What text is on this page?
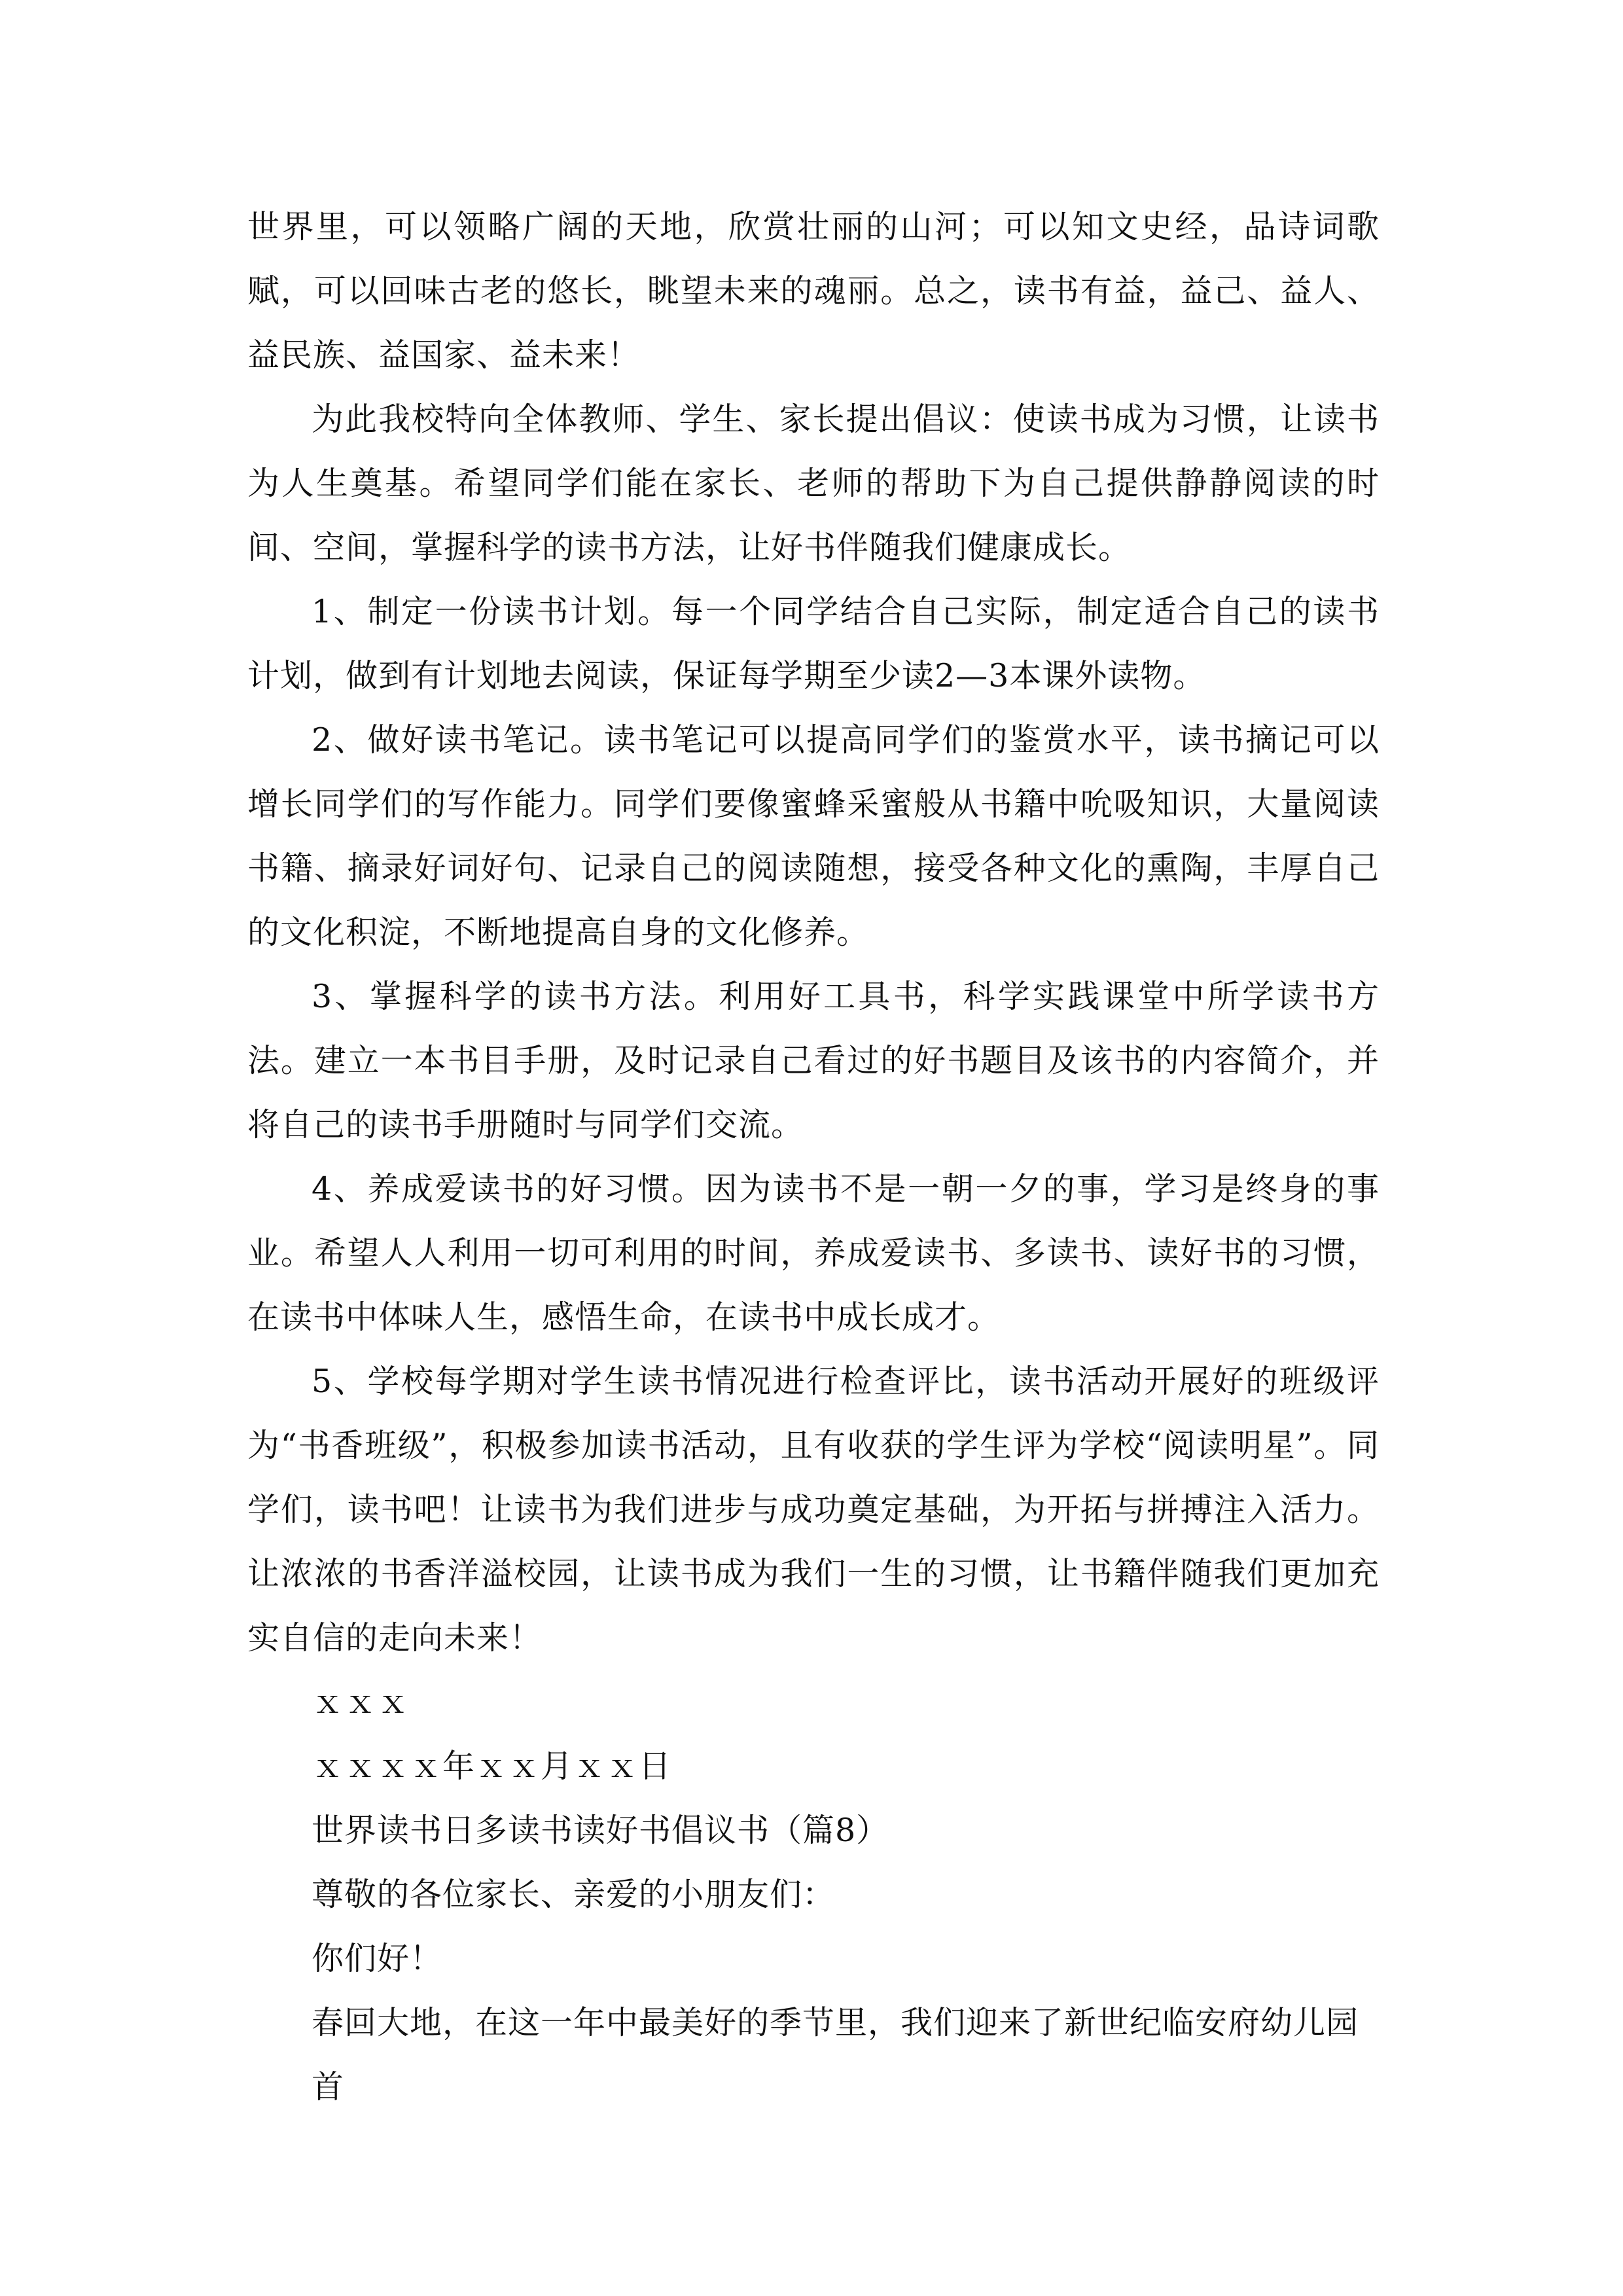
世界里，可以领略广阔的天地，欣赏壮丽的山河；可以知文史经，品诗词歌赋，可以回味古老的悠长，眺望未来的魂丽。总之，读书有益，益己、益人、益民族、益国家、益未来！

为此我校特向全体教师、学生、家长提出倡议：使读书成为习惯，让读书为人生奠基。希望同学们能在家长、老师的帮助下为自己提供静静阅读的时间、空间，掌握科学的读书方法，让好书伴随我们健康成长。

1、制定一份读书计划。每一个同学结合自己实际，制定适合自己的读书计划，做到有计划地去阅读，保证每学期至少读2—3本课外读物。

2、做好读书笔记。读书笔记可以提高同学们的鉴赏水平，读书摘记可以增长同学们的写作能力。同学们要像蜜蜂采蜜般从书籍中吮吸知识，大量阅读书籍、摘录好词好句、记录自己的阅读随想，接受各种文化的熏陶，丰厚自己的文化积淀，不断地提高自身的文化修养。

3、掌握科学的读书方法。利用好工具书，科学实践课堂中所学读书方法。建立一本书目手册，及时记录自己看过的好书题目及该书的内容简介，并将自己的读书手册随时与同学们交流。

4、养成爱读书的好习惯。因为读书不是一朝一夕的事，学习是终身的事业。希望人人利用一切可利用的时间，养成爱读书、多读书、读好书的习惯，在读书中体味人生，感悟生命，在读书中成长成才。

5、学校每学期对学生读书情况进行检查评比，读书活动开展好的班级评为“书香班级”，积极参加读书活动，且有收获的学生评为学校“阅读明星”。同学们，读书吧！让读书为我们进步与成功奠定基础，为开拓与拼搏注入活力。让浓浓的书香洋溢校园，让读书成为我们一生的习惯，让书籍伴随我们更加充实自信的走向未来！

ｘｘｘ

ｘｘｘｘ年ｘｘ月ｘｘ日

世界读书日多读书读好书倡议书（篇8）

尊敬的各位家长、亲爱的小朋友们：

你们好！

春回大地，在这一年中最美好的季节里，我们迎来了新世纪临安府幼儿园首
